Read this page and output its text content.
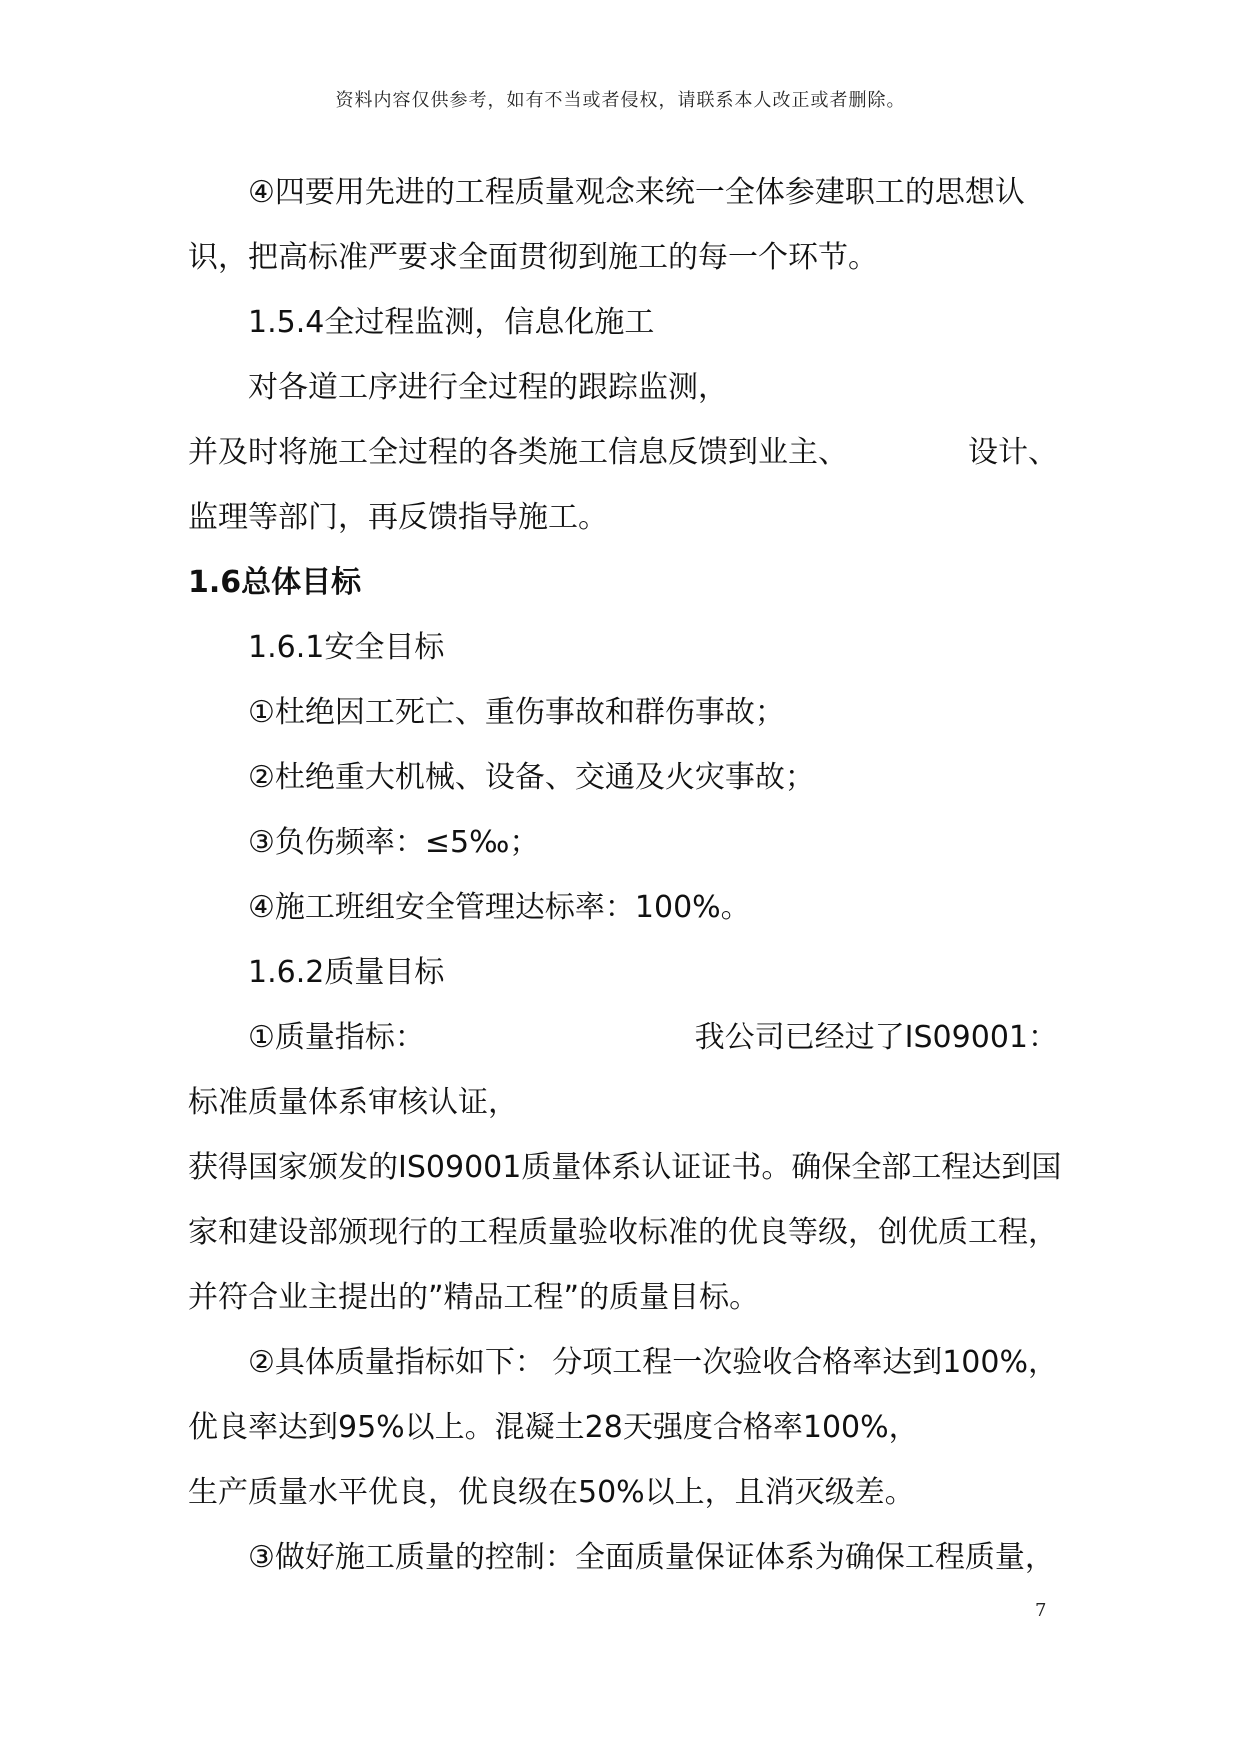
资料内容仅供参考，如有不当或者侵权，请联系本人改正或者删除。
④四要用先进的工程质量观念来统一全体参建职工的思想认
识，把高标准严要求全面贯彻到施工的每一个环节。
1.5.4全过程监测，信息化施工
对各道工序进行全过程的跟踪监测，
并及时将施工全过程的各类施工信息反馈到业主、	设计、
监理等部门，再反馈指导施工。
1.6总体目标
1.6.1安全目标
①杜绝因工死亡、重伤事故和群伤事故；
②杜绝重大机械、设备、交通及火灾事故；
③负伤频率：≤5‰；
④施工班组安全管理达标率：100%。
1.6.2质量目标
①质量指标：	我公司已经过了IS09001：
标准质量体系审核认证，
获得国家颁发的IS09001质量体系认证证书。确保全部工程达到国
家和建设部颁现行的工程质量验收标准的优良等级，创优质工程，
并符合业主提出的”精品工程”的质量目标。
②具体质量指标如下： 分项工程一次验收合格率达到100%，
优良率达到95%以上。混凝土28天强度合格率100%，
生产质量水平优良，优良级在50%以上，且消灭级差。
③做好施工质量的控制：全面质量保证体系为确保工程质量，
7
